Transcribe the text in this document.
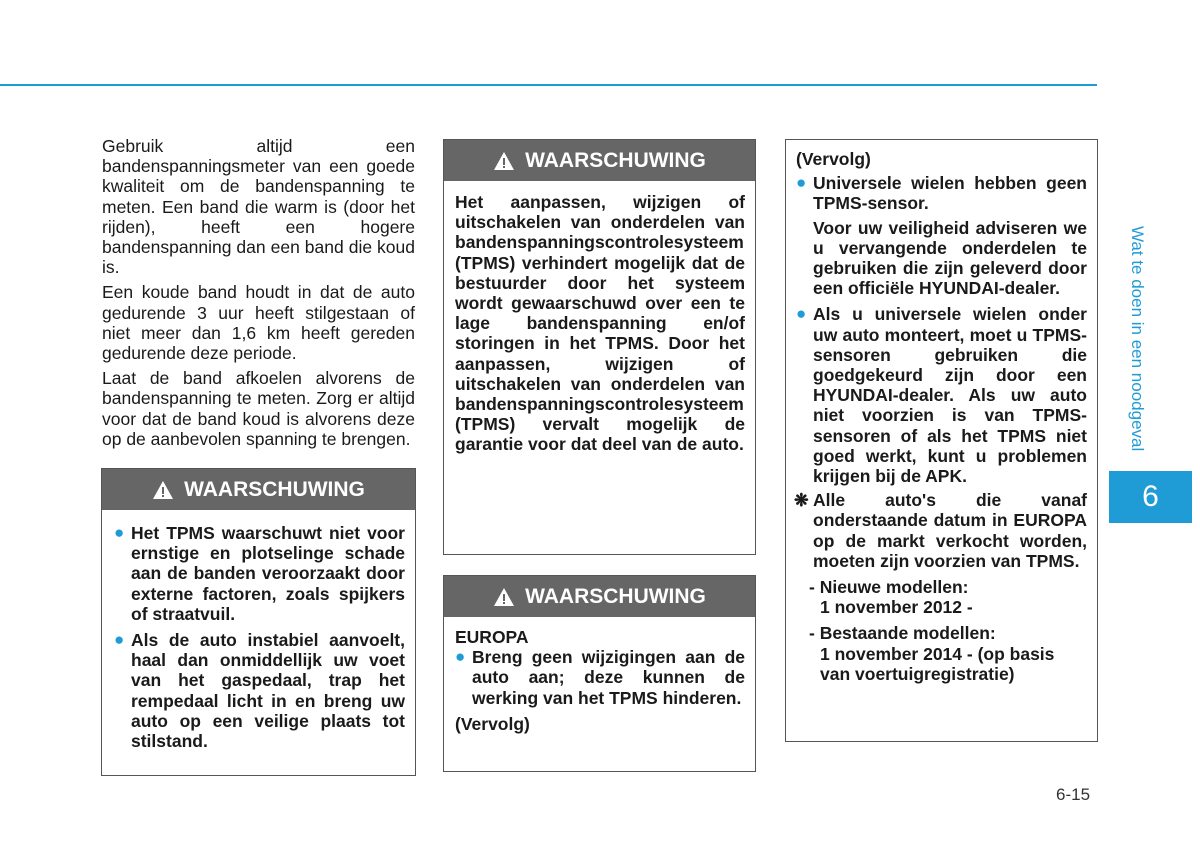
Wat te doen in een noodgeval
6
6-15

Gebruik altijd een bandenspanningsmeter van een goede kwaliteit om de bandenspanning te meten. Een band die warm is (door het rijden), heeft een hogere bandenspanning dan een band die koud is.

Een koude band houdt in dat de auto gedurende 3 uur heeft stilgestaan of niet meer dan 1,6 km heeft gereden gedurende deze periode.

Laat de band afkoelen alvorens de bandenspanning te meten. Zorg er altijd voor dat de band koud is alvorens deze op de aanbevolen spanning te brengen.

WAARSCHUWING
● Het TPMS waarschuwt niet voor ernstige en plotselinge schade aan de banden veroorzaakt door externe factoren, zoals spijkers of straatvuil.
● Als de auto instabiel aanvoelt, haal dan onmiddellijk uw voet van het gaspedaal, trap het rempedaal licht in en breng uw auto op een veilige plaats tot stilstand.
WAARSCHUWING

Het aanpassen, wijzigen of uitschakelen van onderdelen van bandenspanningscontrolesysteem (TPMS) verhindert mogelijk dat de bestuurder door het systeem wordt gewaarschuwd over een te lage bandenspanning en/of storingen in het TPMS. Door het aanpassen, wijzigen of uitschakelen van onderdelen van bandenspanningscontrolesysteem (TPMS) vervalt mogelijk de garantie voor dat deel van de auto.

WAARSCHUWING

EUROPA

● Breng geen wijzigingen aan de auto aan; deze kunnen de werking van het TPMS hinderen.

(Vervolg)

(Vervolg)

● Universele wielen hebben geen TPMS-sensor.

Voor uw veiligheid adviseren we u vervangende onderdelen te gebruiken die zijn geleverd door een officiële HYUNDAI-dealer.

● Als u universele wielen onder uw auto monteert, moet u TPMS-sensoren gebruiken die goedgekeurd zijn door een HYUNDAI-dealer. Als uw auto niet voorzien is van TPMS-sensoren of als het TPMS niet goed werkt, kunt u problemen krijgen bij de APK.
❋ Alle auto's die vanaf onderstaande datum in EUROPA op de markt verkocht worden, moeten zijn voorzien van TPMS.
- Nieuwe modellen:
1 november 2012 -
- Bestaande modellen:
1 november 2014 - (op basis
van voertuigregistratie)
